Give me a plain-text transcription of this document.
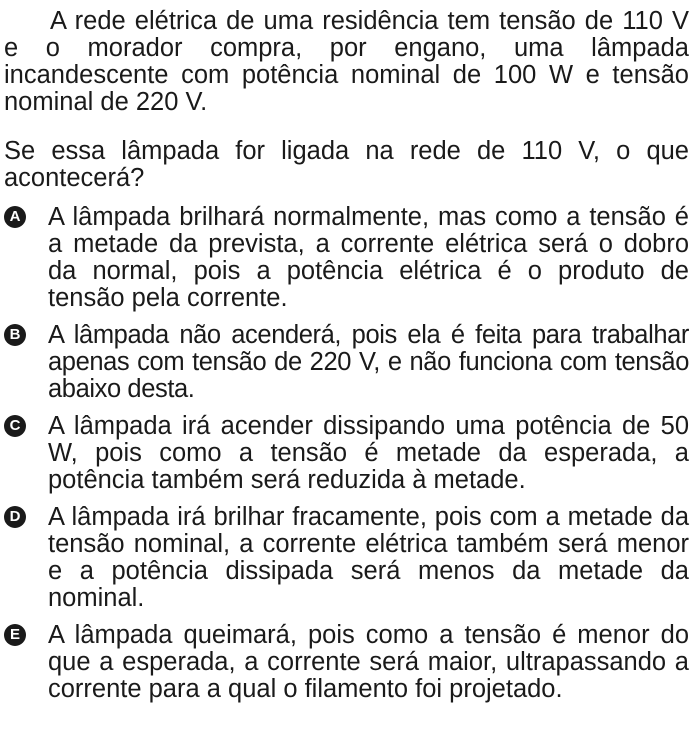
A rede elétrica de uma residência tem tensão de 110 V e o morador compra, por engano, uma lâmpada incandescente com potência nominal de 100 W e tensão nominal de 220 V.

Se essa lâmpada for ligada na rede de 110 V, o que acontecerá?

A A lâmpada brilhará normalmente, mas como a tensão é a metade da prevista, a corrente elétrica será o dobro da normal, pois a potência elétrica é o produto de tensão pela corrente.
B A lâmpada não acenderá, pois ela é feita para trabalhar apenas com tensão de 220 V, e não funciona com tensão abaixo desta.
C A lâmpada irá acender dissipando uma potência de 50 W, pois como a tensão é metade da esperada, a potência também será reduzida à metade.
D A lâmpada irá brilhar fracamente, pois com a metade da tensão nominal, a corrente elétrica também será menor e a potência dissipada será menos da metade da nominal.
E A lâmpada queimará, pois como a tensão é menor do que a esperada, a corrente será maior, ultrapassando a corrente para a qual o filamento foi projetado.
